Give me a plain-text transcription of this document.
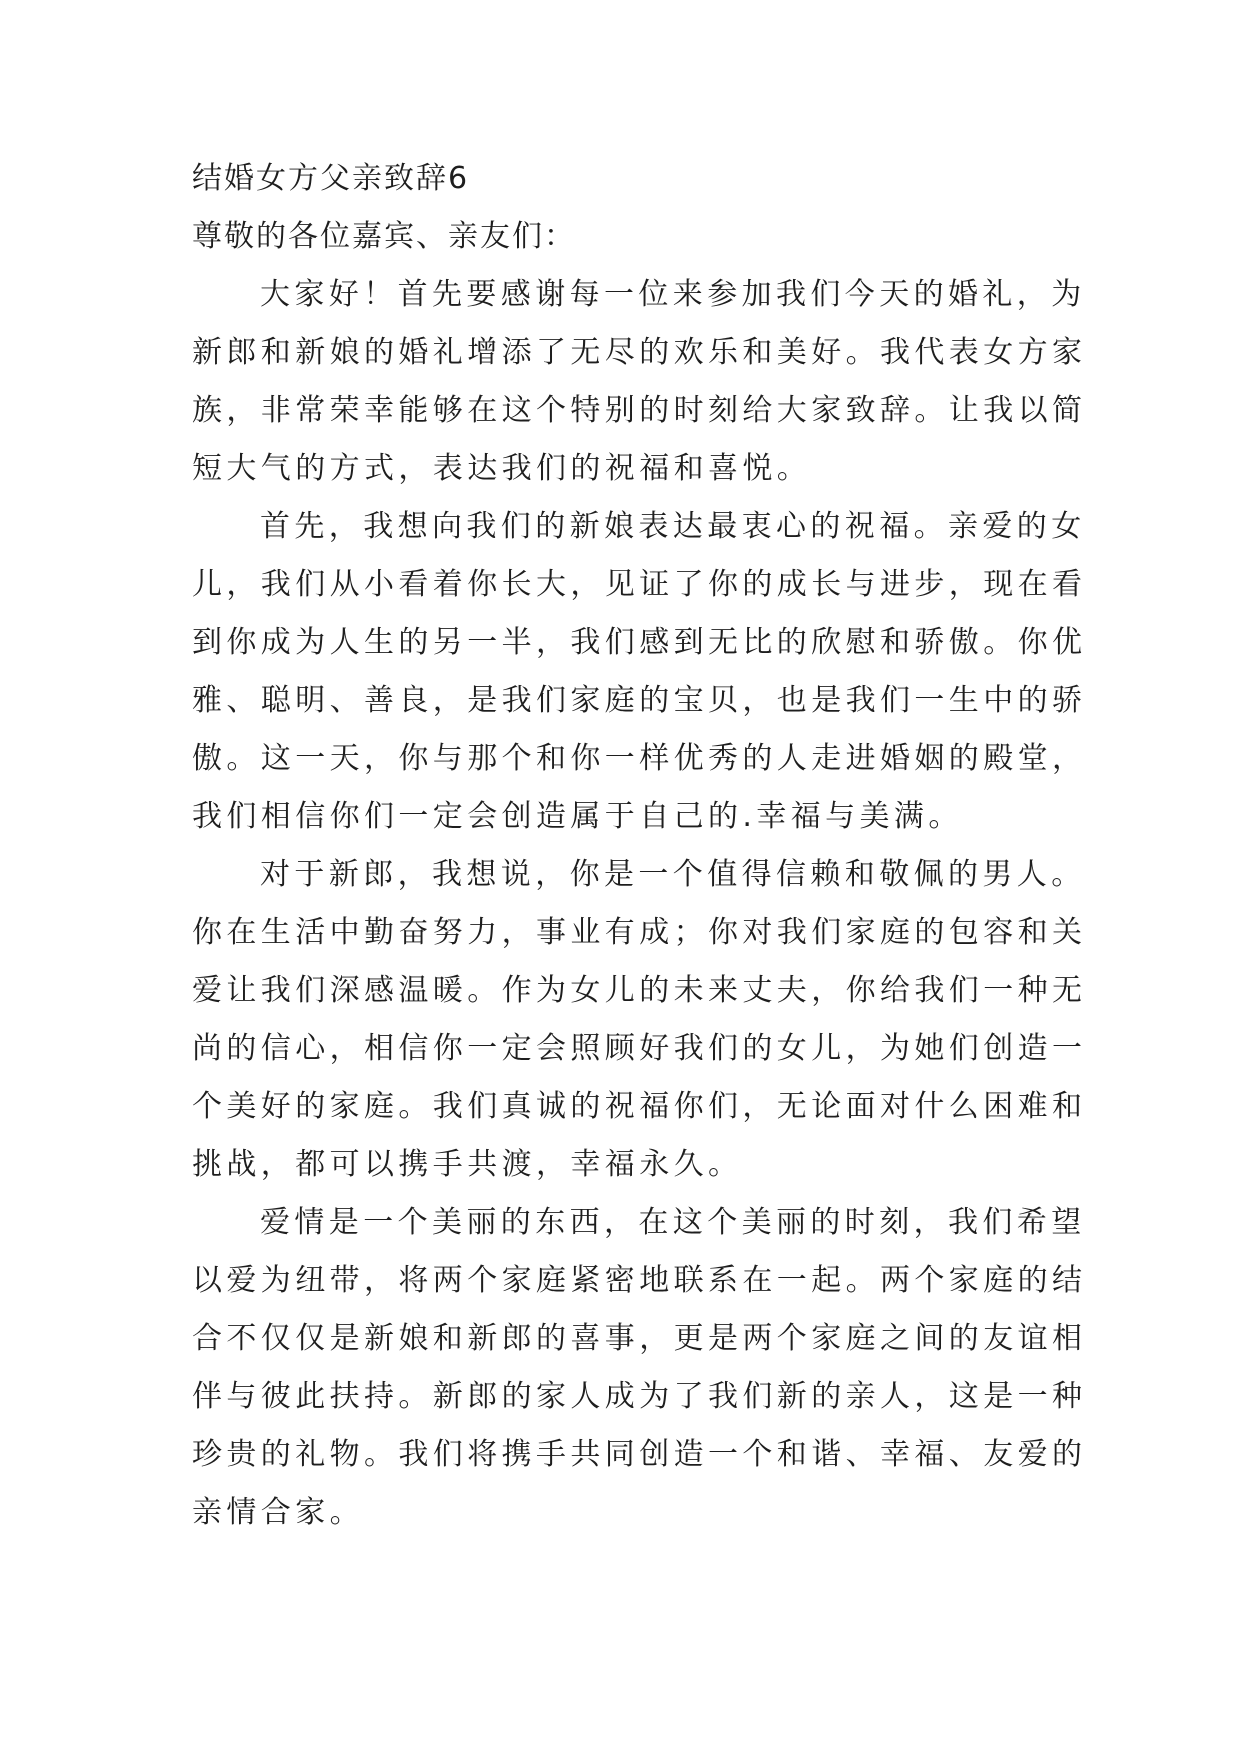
结婚女方父亲致辞6

尊敬的各位嘉宾、亲友们：

大家好！首先要感谢每一位来参加我们今天的婚礼，为
新郎和新娘的婚礼增添了无尽的欢乐和美好。我代表女方家
族，非常荣幸能够在这个特别的时刻给大家致辞。让我以简
短大气的方式，表达我们的祝福和喜悦。
首先，我想向我们的新娘表达最衷心的祝福。亲爱的女
儿，我们从小看着你长大，见证了你的成长与进步，现在看
到你成为人生的另一半，我们感到无比的欣慰和骄傲。你优
雅、聪明、善良，是我们家庭的宝贝，也是我们一生中的骄
傲。这一天，你与那个和你一样优秀的人走进婚姻的殿堂，
我们相信你们一定会创造属于自己的.幸福与美满。
对于新郎，我想说，你是一个值得信赖和敬佩的男人。
你在生活中勤奋努力，事业有成；你对我们家庭的包容和关
爱让我们深感温暖。作为女儿的未来丈夫，你给我们一种无
尚的信心，相信你一定会照顾好我们的女儿，为她们创造一
个美好的家庭。我们真诚的祝福你们，无论面对什么困难和
挑战，都可以携手共渡，幸福永久。
爱情是一个美丽的东西，在这个美丽的时刻，我们希望
以爱为纽带，将两个家庭紧密地联系在一起。两个家庭的结
合不仅仅是新娘和新郎的喜事，更是两个家庭之间的友谊相
伴与彼此扶持。新郎的家人成为了我们新的亲人，这是一种
珍贵的礼物。我们将携手共同创造一个和谐、幸福、友爱的
亲情合家。
